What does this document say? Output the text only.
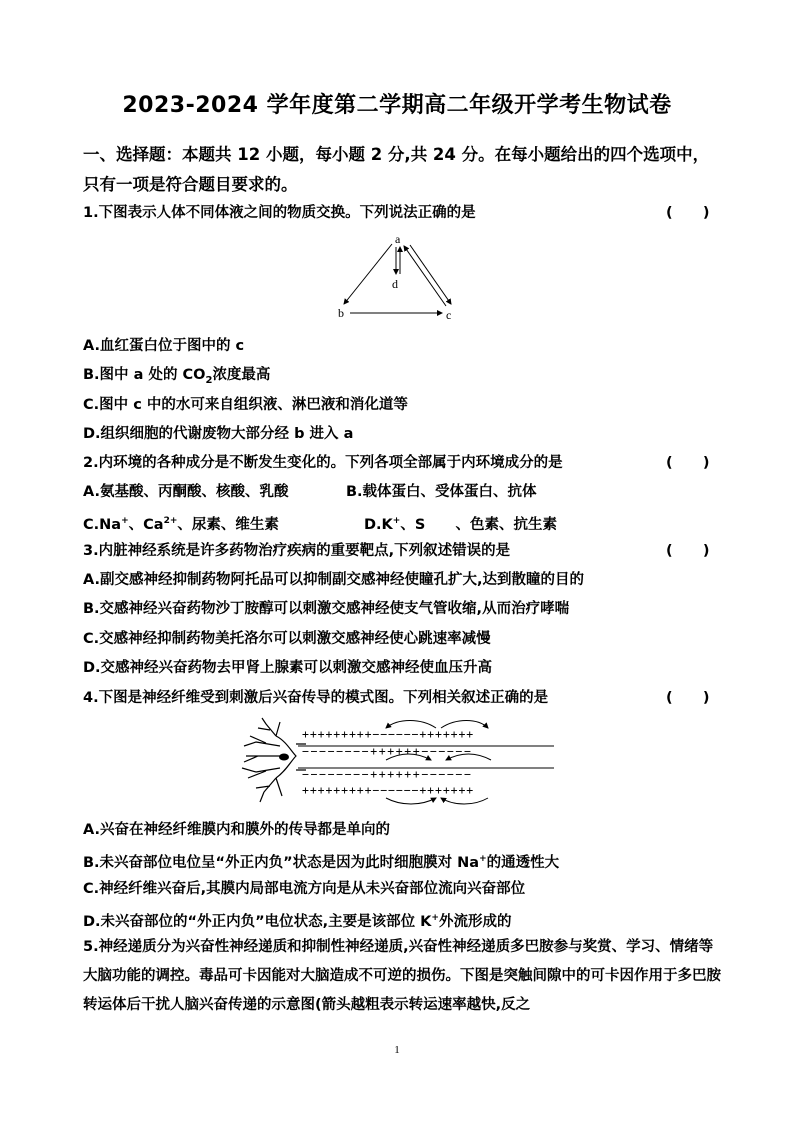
2023-2024 学年度第二学期高二年级开学考生物试卷
一、选择题：本题共 12 小题，每小题 2 分,共 24 分。在每小题给出的四个选项中，只有一项是符合题目要求的。
1.下图表示人体不同体液之间的物质交换。下列说法正确的是	(      )
a
d
b	c
A.血红蛋白位于图中的 c
B.图中 a 处的 $CO_2$浓度最高
C.图中 c 中的水可来自组织液、淋巴液和消化道等
D.组织细胞的代谢废物大部分经 b 进入 a
2.内环境的各种成分是不断发生变化的。下列各项全部属于内环境成分的是	(      )
A.氨基酸、丙酮酸、核酸、乳酸	B.载体蛋白、受体蛋白、抗体
C.Na+、$Ca^{2+}$、尿素、维生素	D.K+、S      、色素、抗生素
3.内脏神经系统是许多药物治疗疾病的重要靶点,下列叙述错误的是	(      )
A.副交感神经抑制药物阿托品可以抑制副交感神经使瞳孔扩大,达到散瞳的目的
B.交感神经兴奋药物沙丁胺醇可以刺激交感神经使支气管收缩,从而治疗哮喘
C.交感神经抑制药物美托洛尔可以刺激交感神经使心跳速率减慢
D.交感神经兴奋药物去甲肾上腺素可以刺激交感神经使血压升高
4.下图是神经纤维受到刺激后兴奋传导的模式图。下列相关叙述正确的是	(      )
+++++++++−−−−−−+++++++
−−−−−−−−++++++−−−−−−
−−−−−−−−++++++−−−−−−
+++++++++−−−−−−+++++++
A.兴奋在神经纤维膜内和膜外的传导都是单向的
B.未兴奋部位电位呈“外正内负”状态是因为此时细胞膜对 Na+的通透性大
C.神经纤维兴奋后,其膜内局部电流方向是从未兴奋部位流向兴奋部位
D.未兴奋部位的“外正内负”电位状态,主要是该部位 K+外流形成的
5.神经递质分为兴奋性神经递质和抑制性神经递质,兴奋性神经递质多巴胺参与奖赏、学习、情绪等大脑功能的调控。毒品可卡因能对大脑造成不可逆的损伤。下图是突触间隙中的可卡因作用于多巴胺转运体后干扰人脑兴奋传递的示意图(箭头越粗表示转运速率越快,反之
1
